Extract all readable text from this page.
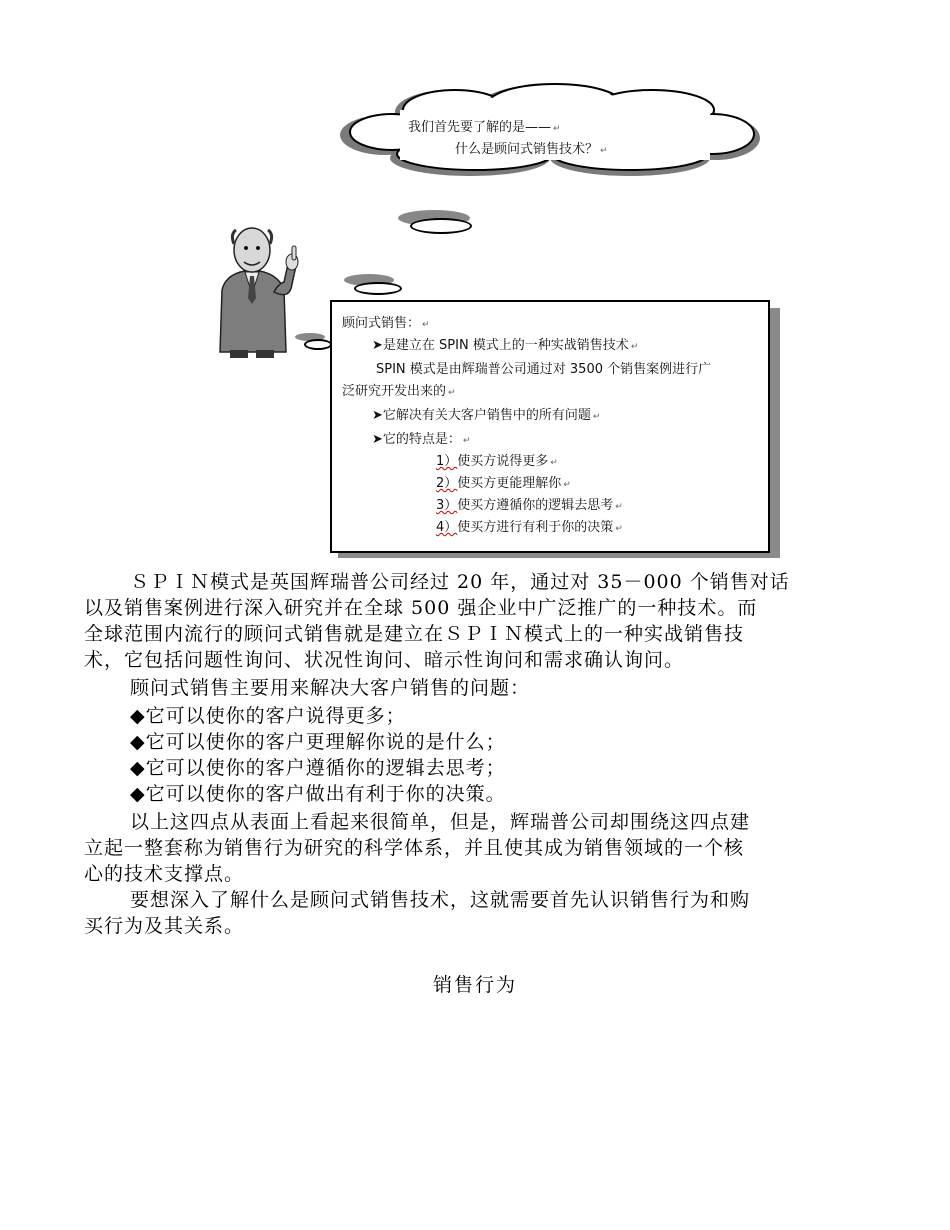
我们首先要了解的是—— ↵
什么是顾问式销售技术？ ↵
顾问式销售： ↵
➤是建立在 SPIN 模式上的一种实战销售技术 ↵
SPIN 模式是由辉瑞普公司通过对 3500 个销售案例进行广
泛研究开发出来的 ↵
➤它解决有关大客户销售中的所有问题 ↵
➤它的特点是： ↵
1）使买方说得更多 ↵
2）使买方更能理解你 ↵
3）使买方遵循你的逻辑去思考 ↵
4）使买方进行有利于你的决策 ↵
ＳＰＩＮ模式是英国辉瑞普公司经过 20 年，通过对 35－000 个销售对话
以及销售案例进行深入研究并在全球 500 强企业中广泛推广的一种技术。而
全球范围内流行的顾问式销售就是建立在ＳＰＩＮ模式上的一种实战销售技
术，它包括问题性询问、状况性询问、暗示性询问和需求确认询问。
顾问式销售主要用来解决大客户销售的问题：
◆它可以使你的客户说得更多；
◆它可以使你的客户更理解你说的是什么；
◆它可以使你的客户遵循你的逻辑去思考；
◆它可以使你的客户做出有利于你的决策。
以上这四点从表面上看起来很简单，但是，辉瑞普公司却围绕这四点建
立起一整套称为销售行为研究的科学体系，并且使其成为销售领域的一个核
心的技术支撑点。
要想深入了解什么是顾问式销售技术，这就需要首先认识销售行为和购
买行为及其关系。
销售行为
